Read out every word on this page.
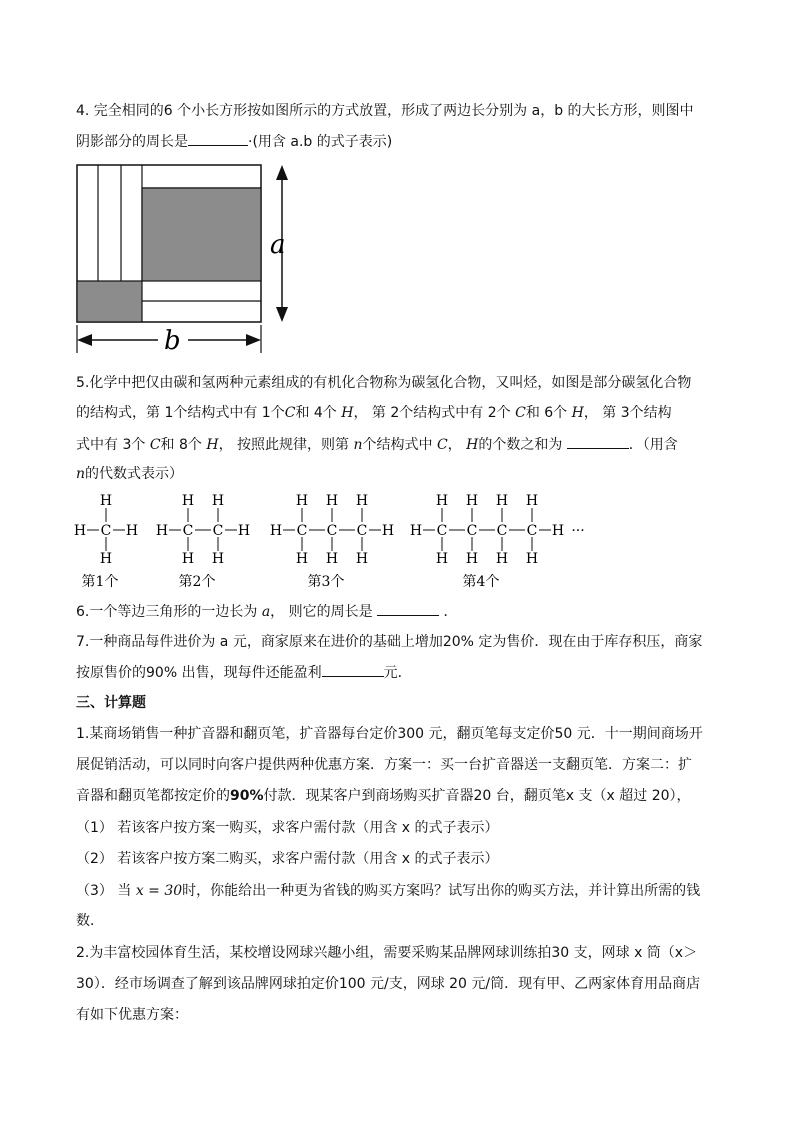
4. 完全相同的6 个小长方形按如图所示的方式放置，形成了两边长分别为 a，b 的大长方形，则图中
阴影部分的周长是	·(用含 a.b 的式子表示)
a
b
5.化学中把仅由碳和氢两种元素组成的有机化合物称为碳氢化合物，又叫烃，如图是部分碳氢化合物
的结构式，第 1个结构式中有 1个C和 4个 H， 第 2个结构式中有 2个 C和 6个 H， 第 3个结构
式中有 3个 C和 8个 H， 按照此规律，则第 n个结构式中 C， H的个数之和为	．（用含
n的代数式表示）
H C
H
H
H
第1个
H C
H
H
C
H
H
H
第2个
H C
H
H
C
H
H
C
H
H
H
第3个
H C
H
H
C
H
H
C
H
H
C
H
H
H ···
第4个
6.一个等边三角形的一边长为 a， 则它的周长是	．
7.一种商品每件进价为 a 元，商家原来在进价的基础上增加20% 定为售价．现在由于库存积压，商家
按原售价的90% 出售，现每件还能盈利	元．
三、计算题
1.某商场销售一种扩音器和翻页笔，扩音器每台定价300 元，翻页笔每支定价50 元．十一期间商场开
展促销活动，可以同时向客户提供两种优惠方案．方案一：买一台扩音器送一支翻页笔．方案二：扩
音器和翻页笔都按定价的90%付款．现某客户到商场购买扩音器20 台，翻页笔x 支（x 超过 20），
（1） 若该客户按方案一购买，求客户需付款（用含 x 的式子表示）
（2） 若该客户按方案二购买，求客户需付款（用含 x 的式子表示）
（3） 当 x = 30时，你能给出一种更为省钱的购买方案吗？试写出你的购买方法，并计算出所需的钱
数．
2.为丰富校园体育生活，某校增设网球兴趣小组，需要采购某品牌网球训练拍30 支，网球 x 筒（x＞
30）．经市场调查了解到该品牌网球拍定价100 元/支，网球 20 元/筒．现有甲、乙两家体育用品商店
有如下优惠方案：
